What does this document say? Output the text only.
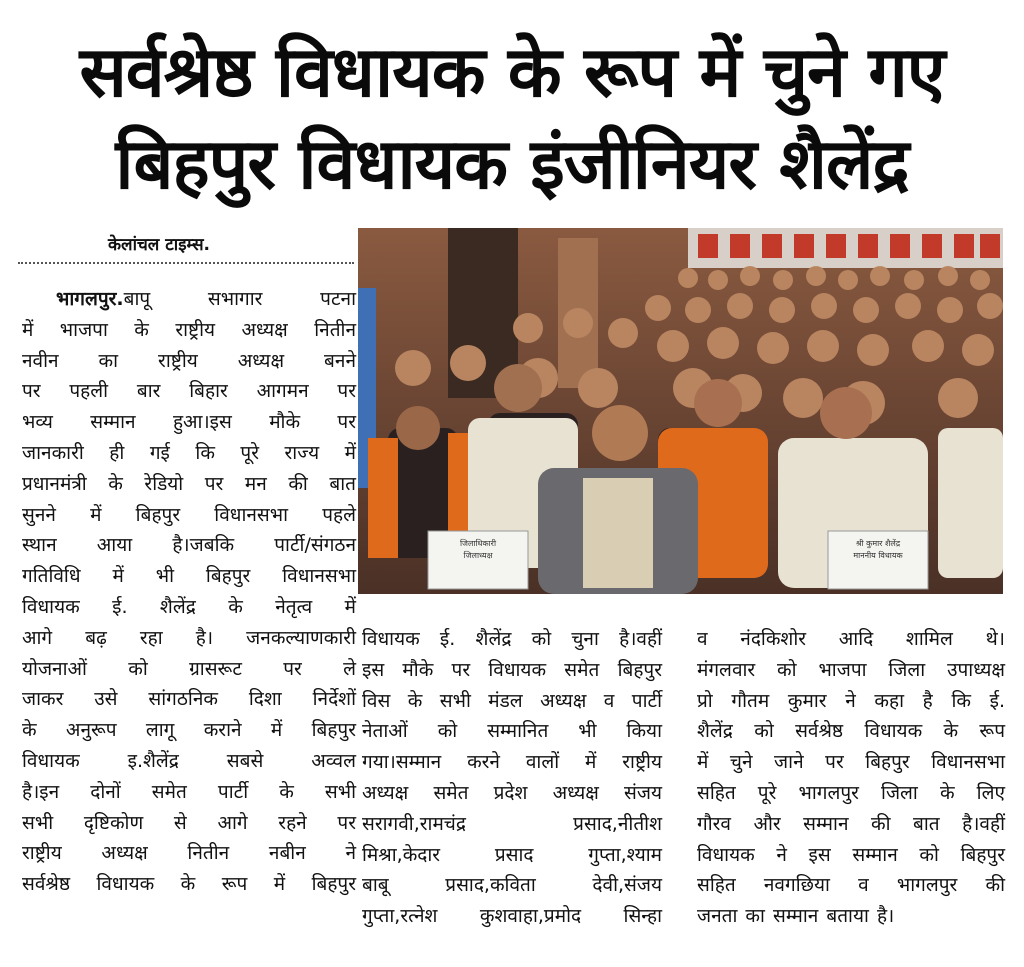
सर्वश्रेष्ठ विधायक के रूप में चुने गए
बिहपुर विधायक इंजीनियर शैलेंद्र
केलांचल टाइम्स.
जिलाधिकारी
जिलाध्यक्ष
श्री कुमार शैलेंद्र
माननीय विधायक

भागलपुर.बापू सभागार पटना

में भाजपा के राष्ट्रीय अध्यक्ष नितीन

नवीन का राष्ट्रीय अध्यक्ष बनने

पर पहली बार बिहार आगमन पर

भव्य सम्मान हुआ।इस मौके पर

जानकारी ही गई कि पूरे राज्य में

प्रधानमंत्री के रेडियो पर मन की बात

सुनने में बिहपुर विधानसभा पहले

स्थान आया है।जबकि पार्टी/संगठन

गतिविधि में भी बिहपुर विधानसभा

विधायक ई. शैलेंद्र के नेतृत्व में

आगे बढ़ रहा है। जनकल्याणकारी

योजनाओं को ग्रासरूट पर ले

जाकर उसे सांगठनिक दिशा निर्देशों

के अनुरूप लागू कराने में बिहपुर

विधायक इ.शैलेंद्र सबसे अव्वल

है।इन दोनों समेत पार्टी के सभी

सभी दृष्टिकोण से आगे रहने पर

राष्ट्रीय अध्यक्ष नितीन नबीन ने

सर्वश्रेष्ठ विधायक के रूप में बिहपुर

विधायक ई. शैलेंद्र को चुना है।वहीं

इस मौके पर विधायक समेत बिहपुर

विस के सभी मंडल अध्यक्ष व पार्टी

नेताओं को सम्मानित भी किया

गया।सम्मान करने वालों में राष्ट्रीय

अध्यक्ष समेत प्रदेश अध्यक्ष संजय

सरागवी,रामचंद्र प्रसाद,नीतीश

मिश्रा,केदार प्रसाद गुप्ता,श्याम

बाबू प्रसाद,कविता देवी,संजय

गुप्ता,रत्नेश कुशवाहा,प्रमोद सिन्हा

व नंदकिशोर आदि शामिल थे।

मंगलवार को भाजपा जिला उपाध्यक्ष

प्रो गौतम कुमार ने कहा है कि ई.

शैलेंद्र को सर्वश्रेष्ठ विधायक के रूप

में चुने जाने पर बिहपुर विधानसभा

सहित पूरे भागलपुर जिला के लिए

गौरव और सम्मान की बात है।वहीं

विधायक ने इस सम्मान को बिहपुर

सहित नवगछिया व भागलपुर की

जनता का सम्मान बताया है।
